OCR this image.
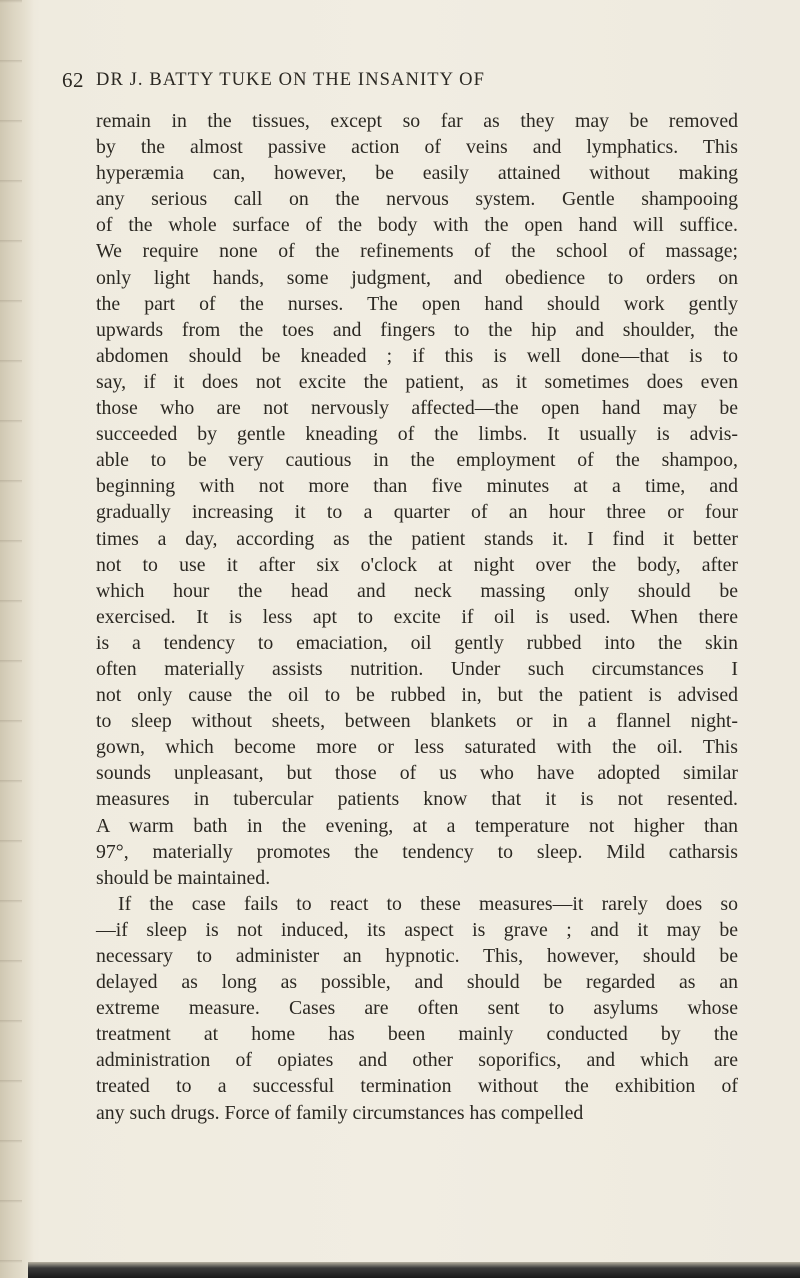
62 DR J. BATTY TUKE ON THE INSANITY OF
remain in the tissues, except so far as they may be removed
by the almost passive action of veins and lymphatics. This
hyperæmia can, however, be easily attained without making
any serious call on the nervous system. Gentle shampooing
of the whole surface of the body with the open hand will suffice.
We require none of the refinements of the school of massage;
only light hands, some judgment, and obedience to orders on
the part of the nurses. The open hand should work gently
upwards from the toes and fingers to the hip and shoulder, the
abdomen should be kneaded ; if this is well done—that is to
say, if it does not excite the patient, as it sometimes does even
those who are not nervously affected—the open hand may be
succeeded by gentle kneading of the limbs. It usually is advis-
able to be very cautious in the employment of the shampoo,
beginning with not more than five minutes at a time, and
gradually increasing it to a quarter of an hour three or four
times a day, according as the patient stands it. I find it better
not to use it after six o'clock at night over the body, after
which hour the head and neck massing only should be
exercised. It is less apt to excite if oil is used. When there
is a tendency to emaciation, oil gently rubbed into the skin
often materially assists nutrition. Under such circumstances I
not only cause the oil to be rubbed in, but the patient is advised
to sleep without sheets, between blankets or in a flannel night-
gown, which become more or less saturated with the oil. This
sounds unpleasant, but those of us who have adopted similar
measures in tubercular patients know that it is not resented.
A warm bath in the evening, at a temperature not higher than
97°, materially promotes the tendency to sleep. Mild catharsis
should be maintained.
If the case fails to react to these measures—it rarely does so
—if sleep is not induced, its aspect is grave ; and it may be
necessary to administer an hypnotic. This, however, should be
delayed as long as possible, and should be regarded as an
extreme measure. Cases are often sent to asylums whose
treatment at home has been mainly conducted by the
administration of opiates and other soporifics, and which are
treated to a successful termination without the exhibition of
any such drugs. Force of family circumstances has compelled
